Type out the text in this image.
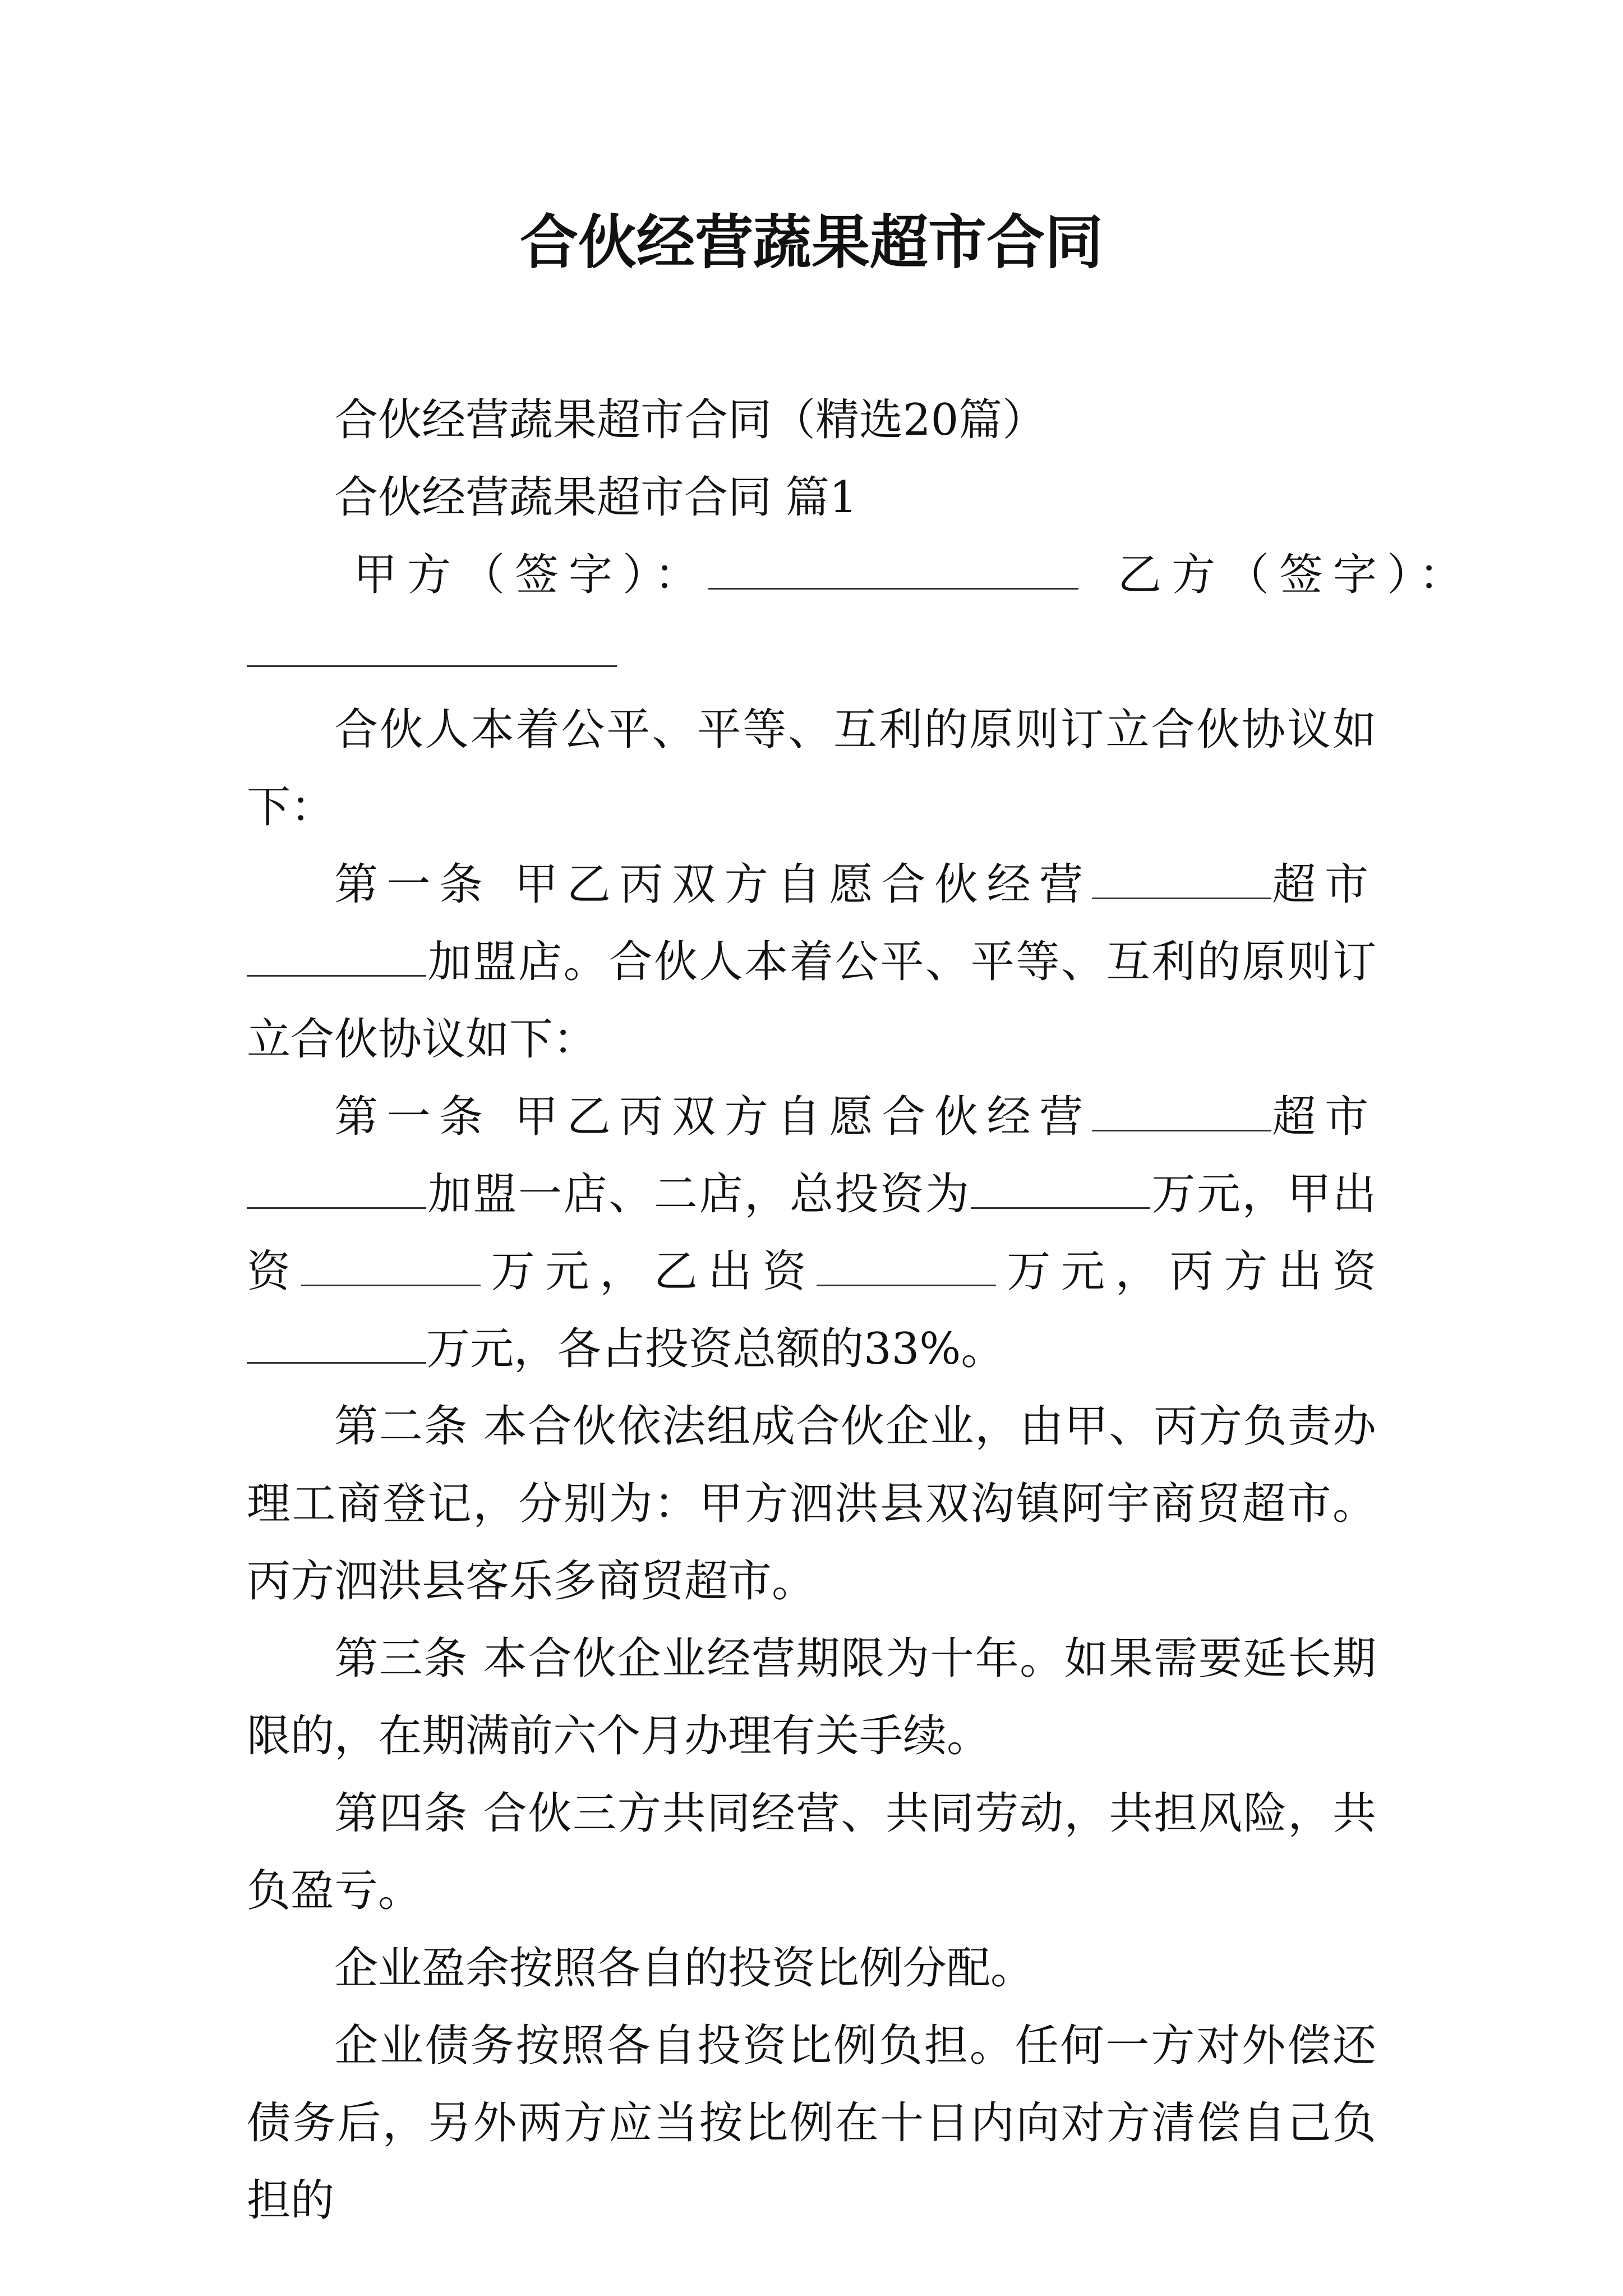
合伙经营蔬果超市合同
合伙经营蔬果超市合同（精选20篇）
合伙经营蔬果超市合同 篇1
甲方（签字）：	乙方（签字）：

合伙人本着公平、平等、互利的原则订立合伙协议如下：

第一条 甲乙丙双方自愿合伙经营	超市加盟店。合伙人本着公平、平等、互利的原则订立合伙协议如下：

第一条 甲乙丙双方自愿合伙经营	超市加盟一店、二店，总投资为	万元，甲出资	万元，乙出资	万元，丙方出资万元，各占投资总额的33%。

第二条 本合伙依法组成合伙企业，由甲、丙方负责办理工商登记，分别为：甲方泗洪县双沟镇阿宇商贸超市。丙方泗洪县客乐多商贸超市。

第三条 本合伙企业经营期限为十年。如果需要延长期限的，在期满前六个月办理有关手续。

第四条 合伙三方共同经营、共同劳动，共担风险，共负盈亏。

企业盈余按照各自的投资比例分配。

企业债务按照各自投资比例负担。任何一方对外偿还债务后，另外两方应当按比例在十日内向对方清偿自己负担的
